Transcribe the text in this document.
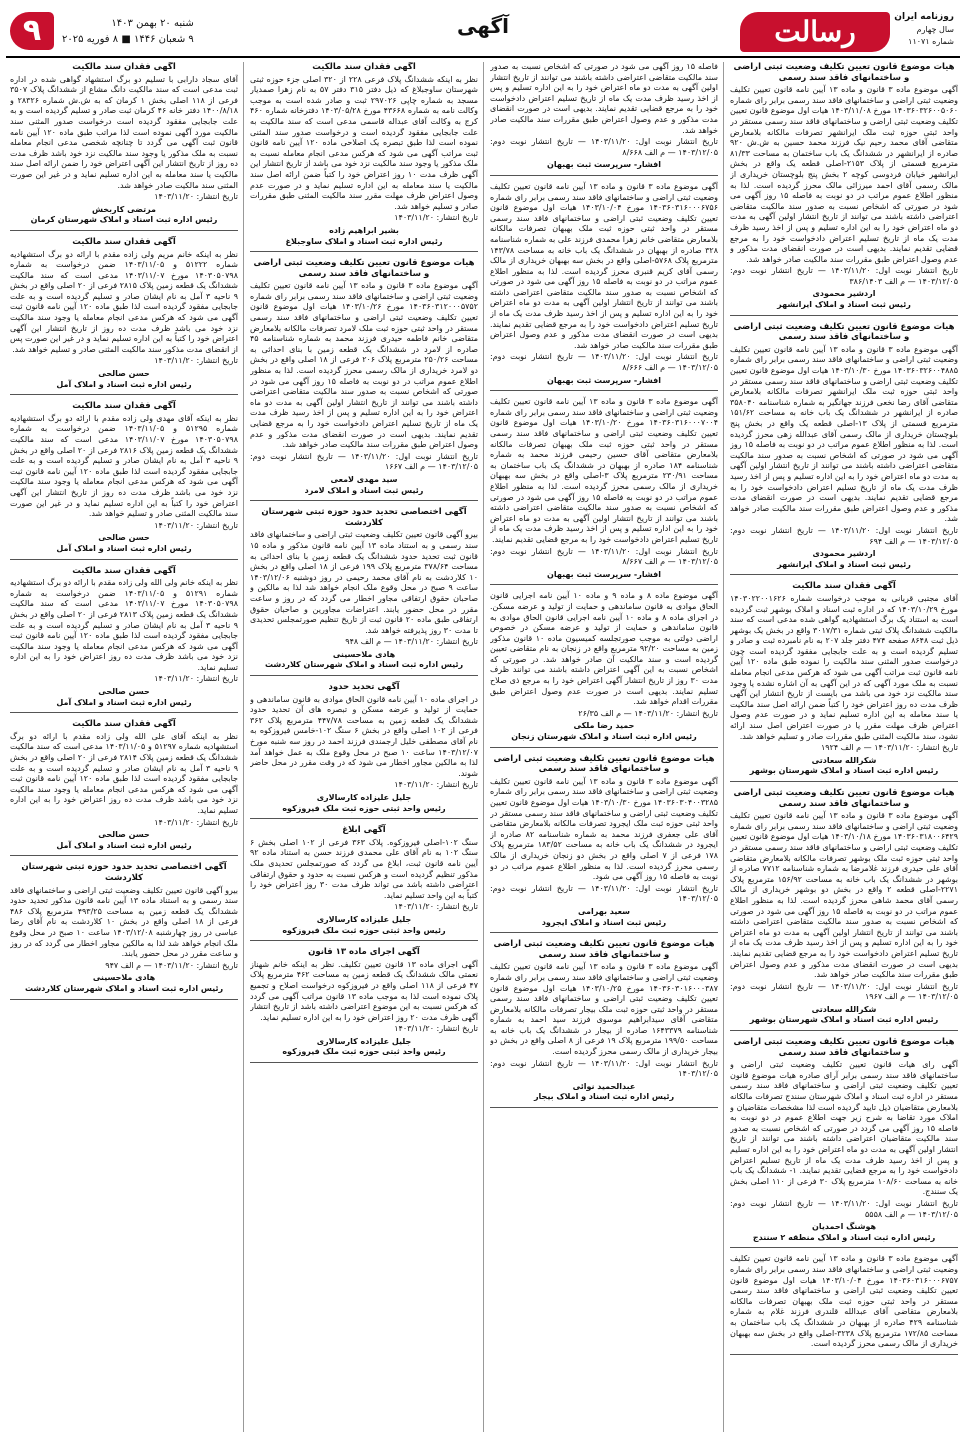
روزنامه ایران
سال چهارم
شماره ۱۱۰۷۱
رسالت
آگهی
شنبه ۲۰ بهمن ۱۴۰۳
۹ شعبان ۱۴۴۶ ■ ۸ فوریه ۲۰۲۵
۹
هیات موضوع قانون تعیین تکلیف وضعیت ثبتی اراضی و ساختمانهای فاقد سند رسمی
آگهی موضوع ماده ۳ قانون و ماده ۱۳ آیین نامه قانون تعیین تکلیف وضعیت ثبتی اراضی و ساختمانهای فاقد سند رسمی برابر رای شماره ۱۴۰۳۶۰۳۲۶۰۰۵۰۶۰ مورخ ۱۴۰۳/۱۱/۰۸ هیات اول موضوع قانون تعیین تکلیف وضعیت ثبتی اراضی و ساختمانهای فاقد سند رسمی مستقر در واحد ثبتی حوزه ثبت ملک ایرانشهر تصرفات مالکانه بلامعارض متقاضی آقای محمد رحیم نیک فرزند محمد حسین به ش.ش ۹۲۰ صادره از ایرانشهر در ششدانگ یک باب ساختمان به مساحت ۸۱/۳۳ مترمربع قسمتی از پلاک ۲۱۵۳-اصلی قطعه یک واقع در بخش ایرانشهر خیابان فردوسی کوچه ۲ بخش پنج بلوچستان خریداری از مالک رسمی آقای احمد میرزائی مالک محرز گردیده است. لذا به منظور اطلاع عموم مراتب در دو نوبت به فاصله ۱۵ روز آگهی می شود در صورتی که اشخاص نسبت به صدور سند مالکیت متقاضی اعتراضی داشته باشند می توانند از تاریخ انتشار اولین آگهی به مدت دو ماه اعتراض خود را به این اداره تسلیم و پس از اخذ رسید ظرف مدت یک ماه از تاریخ تسلیم اعتراض دادخواست خود را به مرجع قضایی تقدیم نمایند. بدیهی است در صورت انقضای مدت مذکور و عدم وصول اعتراض طبق مقررات سند مالکیت صادر خواهد شد.
تاریخ انتشار نوبت اول: ۱۴۰۳/۱۱/۲۰ — تاریخ انتشار نوبت دوم: ۱۴۰۳/۱۲/۰۵ — م الف ۳۸۶/۱۴۰۳
اردشیر محمودی
رئیس ثبت اسناد و املاک ایرانشهر
هیات موضوع قانون تعیین تکلیف وضعیت ثبتی اراضی و ساختمانهای فاقد سند رسمی
آگهی موضوع ماده ۳ قانون و ماده ۱۳ آیین نامه قانون تعیین تکلیف وضعیت ثبتی اراضی و ساختمانهای فاقد سند رسمی برابر رای شماره ۱۴۰۳۶۰۳۲۶۰۰۴۸۸۵ مورخ ۱۴۰۳/۱۰/۳۰ هیات اول موضوع قانون تعیین تکلیف وضعیت ثبتی اراضی و ساختمانهای فاقد سند رسمی مستقر در واحد ثبتی حوزه ثبت ملک ایرانشهر تصرفات مالکانه بلامعارض متقاضی آقای رضا نخعی فرزند جهانگیر به شماره شناسنامه ۳۵۸۰۴۰ صادره از ایرانشهر در ششدانگ یک باب خانه به مساحت ۱۵۱/۶۲ مترمربع قسمتی از پلاک ۱۳-اصلی قطعه یک واقع در بخش پنج بلوچستان خریداری از مالک رسمی آقای عبدالله زهی محرز گردیده است. لذا به منظور اطلاع عموم مراتب در دو نوبت به فاصله ۱۵ روز آگهی می شود در صورتی که اشخاص نسبت به صدور سند مالکیت متقاضی اعتراضی داشته باشند می توانند از تاریخ انتشار اولین آگهی به مدت دو ماه اعتراض خود را به این اداره تسلیم و پس از اخذ رسید ظرف مدت یک ماه از تاریخ تسلیم اعتراض دادخواست خود را به مرجع قضایی تقدیم نمایند. بدیهی است در صورت انقضای مدت مذکور و عدم وصول اعتراض طبق مقررات سند مالکیت صادر خواهد شد.
تاریخ انتشار نوبت اول: ۱۴۰۳/۱۱/۲۰ — تاریخ انتشار نوبت دوم: ۱۴۰۳/۱۲/۰۵ — م الف ۶۹۴
اردشیر محمودی
رئیس ثبت اسناد و املاک ایرانشهر
آگهی فقدان سند مالکیت
آقای مجتبی قربانی به موجب درخواست شماره ۱۴۰۳۰۲۲۰۰۱۶۲۶ مورخ ۱۴۰۳/۱۰/۲۹ که در اداره ثبت اسناد و املاک بوشهر ثبت گردیده است به استناد یک برگ استشهادیه گواهی شده مدعی است که سند مالکیت ششدانگ پلاک ثبتی شماره ۳۰۱۷/۳۱ واقع در بخش یک بوشهر ذیل ثبت ۸۶۴۸ صفحه ۴۷۴ دفتر جلد ۲۰۷ به نام نامبرده ثبت و صادر و تسلیم گردیده است و به علت جابجایی مفقود گردیده است چون درخواست صدور المثنی سند مالکیت را نموده طبق ماده ۱۲۰ آیین نامه قانون ثبت مراتب آگهی می شود که هرکس مدعی انجام معامله نسبت به ملک مورد آگهی که در این آگهی به آن اشاره نشده یا وجود سند مالکیت نزد خود می باشد می بایست از تاریخ انتشار این آگهی ظرف مدت ده روز اعتراض خود را کتباً ضمن ارائه اصل سند مالکیت یا سند معامله به این اداره تسلیم نماید و در صورت عدم وصول اعتراض ظرف مهلت مقرر یا در صورت اعتراض اصل سند ارائه نشود، سند مالکیت المثنی طبق مقررات صادر و تسلیم خواهد شد.
تاریخ انتشار: ۱۴۰۳/۱۱/۲۰ — م الف ۱۹۲۴
شکرالله سعادتی
رئیس اداره ثبت اسناد و املاک شهرستان بوشهر
هیات موضوع قانون تعیین تکلیف وضعیت ثبتی اراضی و ساختمانهای فاقد سند رسمی
آگهی موضوع ماده ۳ قانون و ماده ۱۳ آیین نامه قانون تعیین تکلیف وضعیت ثبتی اراضی و ساختمانهای فاقد سند رسمی برابر رای شماره ۱۴۰۳۶۰۳۱۸۰۰۶۴۲۹ مورخ ۱۴۰۳/۱۰/۱۸ هیات اول موضوع قانون تعیین تکلیف وضعیت ثبتی اراضی و ساختمانهای فاقد سند رسمی مستقر در واحد ثبتی حوزه ثبت ملک بوشهر تصرفات مالکانه بلامعارض متقاضی آقای علی حیدری فرزند غلامرضا به شماره شناسنامه ۷۷۱۲ صادره از بوشهر در ششدانگ یک باب خانه به مساحت ۱۵۶/۹۲ مترمربع پلاک ۲۲۷۱-اصلی قطعه ۲ واقع در بخش دو بوشهر خریداری از مالک رسمی آقای محمد شاهی محرز گردیده است. لذا به منظور اطلاع عموم مراتب در دو نوبت به فاصله ۱۵ روز آگهی می شود در صورتی که اشخاص نسبت به صدور سند مالکیت متقاضی اعتراضی داشته باشند می توانند از تاریخ انتشار اولین آگهی به مدت دو ماه اعتراض خود را به این اداره تسلیم و پس از اخذ رسید ظرف مدت یک ماه از تاریخ تسلیم اعتراض دادخواست خود را به مرجع قضایی تقدیم نمایند. بدیهی است در صورت انقضای مدت مذکور و عدم وصول اعتراض طبق مقررات سند مالکیت صادر خواهد شد.
تاریخ انتشار نوبت اول: ۱۴۰۳/۱۱/۲۰ — تاریخ انتشار نوبت دوم: ۱۴۰۳/۱۲/۰۵ — م الف ۱۹۶۷
شکرالله سعادتی
رئیس اداره ثبت اسناد و املاک شهرستان بوشهر
هیات موضوع قانون تعیین تکلیف وضعیت ثبتی اراضی و ساختمانهای فاقد سند رسمی
آگهی رای هیات قانون تعیین تکلیف وضعیت ثبتی اراضی و ساختمانهای فاقد سند رسمی برابر آرای صادره هیات موضوع قانون تعیین تکلیف وضعیت ثبتی اراضی و ساختمانهای فاقد سند رسمی مستقر در اداره ثبت اسناد و املاک شهرستان سنندج تصرفات مالکانه بلامعارض متقاضیان ذیل تایید گردیده است لذا مشخصات متقاضیان و املاک مورد تقاضا به شرح زیر جهت اطلاع عموم در دو نوبت به فاصله ۱۵ روز آگهی می گردد در صورتی که اشخاص نسبت به صدور سند مالکیت متقاضیان اعتراضی داشته باشند می توانند از تاریخ انتشار اولین آگهی به مدت دو ماه اعتراض خود را به این اداره تسلیم و پس از اخذ رسید ظرف مدت یک ماه از تاریخ تسلیم اعتراض دادخواست خود را به مرجع قضایی تقدیم نمایند. ۱- ششدانگ یک باب خانه به مساحت ۱۰۸/۶۰ مترمربع پلاک ۳۰ فرعی از ۱۱۰ اصلی بخش یک سنندج.
تاریخ انتشار نوبت اول: ۱۴۰۳/۱۱/۲۰ — تاریخ انتشار نوبت دوم: ۱۴۰۳/۱۲/۰۵ — م الف ۵۵۵۸
هوشنگ احمدیان
رئیس اداره ثبت اسناد و املاک منطقه ۲ سنندج
آگهی موضوع ماده ۳ قانون و ماده ۱۳ آیین نامه قانون تعیین تکلیف وضعیت ثبتی اراضی و ساختمانهای فاقد سند رسمی برابر رای شماره ۱۴۰۳۶۰۳۱۶۰۰۰۶۷۵۷ مورخ ۱۴۰۳/۱۰/۰۴ هیات اول موضوع قانون تعیین تکلیف وضعیت ثبتی اراضی و ساختمانهای فاقد سند رسمی مستقر در واحد ثبتی حوزه ثبت ملک بهبهان تصرفات مالکانه بلامعارض متقاضی آقای عبدالله قلندری فرزند غلام به شماره شناسنامه ۴۲۹ صادره از بهبهان در ششدانگ یک باب ساختمان به مساحت ۱۷۲/۸۵ مترمربع پلاک ۳۲۳۸-اصلی واقع در بخش سه بهبهان خریداری از مالک رسمی محرز گردیده است.
فاصله ۱۵ روز آگهی می شود در صورتی که اشخاص نسبت به صدور سند مالکیت متقاضی اعتراضی داشته باشند می توانند از تاریخ انتشار اولین آگهی به مدت دو ماه اعتراض خود را به این اداره تسلیم و پس از اخذ رسید ظرف مدت یک ماه از تاریخ تسلیم اعتراض دادخواست خود را به مرجع قضایی تقدیم نمایند. بدیهی است در صورت انقضای مدت مذکور و عدم وصول اعتراض طبق مقررات سند مالکیت صادر خواهد شد.
تاریخ انتشار نوبت اول: ۱۴۰۳/۱۱/۲۰ — تاریخ انتشار نوبت دوم: ۱۴۰۳/۱۲/۰۵ — م الف ۸/۶۶۸
افشار- سرپرست ثبت بهبهان
آگهی موضوع ماده ۳ قانون و ماده ۱۳ آیین نامه قانون تعیین تکلیف وضعیت ثبتی اراضی و ساختمانهای فاقد سند رسمی برابر رای شماره ۱۴۰۳۶۰۳۱۶۰۰۰۶۷۵۶ مورخ ۱۴۰۳/۱۰/۰۴ هیات اول موضوع قانون تعیین تکلیف وضعیت ثبتی اراضی و ساختمانهای فاقد سند رسمی مستقر در واحد ثبتی حوزه ثبت ملک بهبهان تصرفات مالکانه بلامعارض متقاضی خانم زهرا محمدی فرزند علی به شماره شناسنامه ۳۲۸ صادره از بهبهان در ششدانگ یک باب خانه به مساحت ۱۴۳/۷۸ مترمربع پلاک ۵۷۶۸-اصلی واقع در بخش سه بهبهان خریداری از مالک رسمی آقای کریم قنبری محرز گردیده است. لذا به منظور اطلاع عموم مراتب در دو نوبت به فاصله ۱۵ روز آگهی می شود در صورتی که اشخاص نسبت به صدور سند مالکیت متقاضی اعتراضی داشته باشند می توانند از تاریخ انتشار اولین آگهی به مدت دو ماه اعتراض خود را به این اداره تسلیم و پس از اخذ رسید ظرف مدت یک ماه از تاریخ تسلیم اعتراض دادخواست خود را به مرجع قضایی تقدیم نمایند. بدیهی است در صورت انقضای مدت مذکور و عدم وصول اعتراض طبق مقررات سند مالکیت صادر خواهد شد.
تاریخ انتشار نوبت اول: ۱۴۰۳/۱۱/۲۰ — تاریخ انتشار نوبت دوم: ۱۴۰۳/۱۲/۰۵ — م الف ۸/۶۶۶
افشار- سرپرست ثبت بهبهان
آگهی موضوع ماده ۳ قانون و ماده ۱۳ آیین نامه قانون تعیین تکلیف وضعیت ثبتی اراضی و ساختمانهای فاقد سند رسمی برابر رای شماره ۱۴۰۳۶۰۳۱۶۰۰۰۷۰۰۴ مورخ ۱۴۰۳/۱۰/۲۰ هیات اول موضوع قانون تعیین تکلیف وضعیت ثبتی اراضی و ساختمانهای فاقد سند رسمی مستقر در واحد ثبتی حوزه ثبت ملک بهبهان تصرفات مالکانه بلامعارض متقاضی آقای حسین رحیمی فرزند محمد به شماره شناسنامه ۱۸۴ صادره از بهبهان در ششدانگ یک باب ساختمان به مساحت ۲۳۰/۹۱ مترمربع پلاک ۳-اصلی واقع در بخش سه بهبهان خریداری از مالک رسمی محرز گردیده است. لذا به منظور اطلاع عموم مراتب در دو نوبت به فاصله ۱۵ روز آگهی می شود در صورتی که اشخاص نسبت به صدور سند مالکیت متقاضی اعتراضی داشته باشند می توانند از تاریخ انتشار اولین آگهی به مدت دو ماه اعتراض خود را به این اداره تسلیم و پس از اخذ رسید ظرف مدت یک ماه از تاریخ تسلیم اعتراض دادخواست خود را به مرجع قضایی تقدیم نمایند.
تاریخ انتشار نوبت اول: ۱۴۰۳/۱۱/۲۰ — تاریخ انتشار نوبت دوم: ۱۴۰۳/۱۲/۰۵ — م الف ۸/۶۶۷
افشار- سرپرست ثبت بهبهان
آگهی موضوع ماده ۸ و ماده ۹ و ماده ۱۰ آیین نامه اجرایی قانون الحاق موادی به قانون ساماندهی و حمایت از تولید و عرضه مسکن. در اجرای ماده ۸ و ماده ۱۰ آیین نامه اجرایی قانون الحاق موادی به قانون ساماندهی و حمایت از تولید و عرضه مسکن در خصوص اراضی دولتی به موجب صورتجلسه کمیسیون ماده ۱۰ قانون مذکور زمین به مساحت ۹۲/۲۰ مترمربع واقع در زنجان به نام متقاضی تعیین گردیده است و سند مالکیت آن صادر خواهد شد. در صورتی که اشخاص نسبت به این آگهی اعتراض داشته باشند می توانند ظرف مدت ۳۰ روز از تاریخ انتشار آگهی اعتراض خود را به مرجع ذی صلاح تسلیم نمایند. بدیهی است در صورت عدم وصول اعتراض طبق مقررات اقدام خواهد شد.
تاریخ انتشار: ۱۴۰۳/۱۱/۲۰ — م الف ۲۶/۳۵
حمید رضا ملکی
رئیس اداره ثبت اسناد و املاک شهرستان زنجان
هیات موضوع قانون تعیین تکلیف وضعیت ثبتی اراضی و ساختمانهای فاقد سند رسمی
آگهی موضوع ماده ۳ قانون و ماده ۱۳ آیین نامه قانون تعیین تکلیف وضعیت ثبتی اراضی و ساختمانهای فاقد سند رسمی برابر رای شماره ۱۴۰۳۶۰۳۰۴۰۰۳۲۸۵ مورخ ۱۴۰۳/۱۰/۳۰ هیات اول موضوع قانون تعیین تکلیف وضعیت ثبتی اراضی و ساختمانهای فاقد سند رسمی مستقر در واحد ثبتی حوزه ثبت ملک ایجرود تصرفات مالکانه بلامعارض متقاضی آقای علی جعفری فرزند محمد به شماره شناسنامه ۸۲ صادره از ایجرود در ششدانگ یک باب خانه به مساحت ۱۸۳/۵۲ مترمربع پلاک ۱۷۸ فرعی از ۷ اصلی واقع در بخش دو زنجان خریداری از مالک رسمی محرز گردیده است. لذا به منظور اطلاع عموم مراتب در دو نوبت به فاصله ۱۵ روز آگهی می شود.
تاریخ انتشار نوبت اول: ۱۴۰۳/۱۱/۲۰ — تاریخ انتشار نوبت دوم: ۱۴۰۳/۱۲/۰۵
سعید بهرامی
رئیس ثبت اسناد و املاک ایجرود
هیات موضوع قانون تعیین تکلیف وضعیت ثبتی اراضی و ساختمانهای فاقد سند رسمی
آگهی موضوع ماده ۳ قانون و ماده ۱۳ آیین نامه قانون تعیین تکلیف وضعیت ثبتی اراضی و ساختمانهای فاقد سند رسمی برابر رای شماره ۱۴۰۳۶۰۳۰۱۶۰۰۰۳۸۷ مورخ ۱۴۰۳/۱۰/۲۵ هیات اول موضوع قانون تعیین تکلیف وضعیت ثبتی اراضی و ساختمانهای فاقد سند رسمی مستقر در واحد ثبتی حوزه ثبت ملک بیجار تصرفات مالکانه بلامعارض متقاضی آقای سیدابراهیم موسوی فرزند سید احمد به شماره شناسنامه ۱۶۴۳۳۷۹ صادره از بیجار در ششدانگ یک باب خانه به مساحت ۱۹۹/۵۰ مترمربع پلاک ۱۹ فرعی از ۸ اصلی واقع در بخش دو بیجار خریداری از مالک رسمی محرز گردیده است.
تاریخ انتشار نوبت اول: ۱۴۰۳/۱۱/۲۰ — تاریخ انتشار نوبت دوم: ۱۴۰۳/۱۲/۰۵
عبدالحمید نوائی
رئیس اداره ثبت اسناد و املاک بیجار
آگهی فقدان سند مالکیت
نظر به اینکه ششدانگ پلاک فرعی ۲۲۸ از ۳۲۰ اصلی جزء حوزه ثبتی شهرستان ساوجبلاغ که ذیل دفتر ۳۱۵ دفتر ۵۷ به نام زهرا صمدیار مسجد به شماره چاپی ۲۹۷۰۲۶ ثبت و صادر شده است به موجب وکالت نامه به شماره ۴۳۶۶۸ مورخ ۱۴۰۳/۰۵/۲۸ دفترخانه شماره ۴۶۰ کرج به وکالت آقای عبداله قاسمی مدعی است که سند مالکیت به علت جابجایی مفقود گردیده است و درخواست صدور سند المثنی نموده است لذا طبق تبصره یک اصلاحی ماده ۱۲۰ آیین نامه قانون ثبت مراتب آگهی می شود که هرکس مدعی انجام معامله نسبت به ملک مذکور یا وجود سند مالکیت نزد خود می باشد از تاریخ انتشار این آگهی ظرف مدت ۱۰ روز اعتراض خود را کتباً ضمن ارائه اصل سند مالکیت یا سند معامله به این اداره تسلیم نماید و در صورت عدم وصول اعتراض ظرف مهلت مقرر سند مالکیت المثنی طبق مقررات صادر و تسلیم خواهد شد.
تاریخ انتشار: ۱۴۰۳/۱۱/۲۰
بشیر ابراهیم زاده
رئیس اداره ثبت اسناد و املاک ساوجبلاغ
هیات موضوع قانون تعیین تکلیف وضعیت ثبتی اراضی و ساختمانهای فاقد سند رسمی
آگهی موضوع ماده ۳ قانون و ماده ۱۳ آیین نامه قانون تعیین تکلیف وضعیت ثبتی اراضی و ساختمانهای فاقد سند رسمی برابر رای شماره ۱۴۰۳۶۰۳۱۲۰۰۰۵۷۵۲ مورخ ۱۴۰۳/۱۰/۲۶ هیات اول موضوع قانون تعیین تکلیف وضعیت ثبتی اراضی و ساختمانهای فاقد سند رسمی مستقر در واحد ثبتی حوزه ثبت ملک لامرد تصرفات مالکانه بلامعارض متقاضی خانم فاطمه حیدری فرزند محمد به شماره شناسنامه ۴۵ صادره از لامرد در ششدانگ یک قطعه زمین با بنای احداثی به مساحت ۲۵۰/۲۶ مترمربع پلاک ۲۰۶ فرعی از ۱۸ اصلی واقع در بخش دو لامرد خریداری از مالک رسمی محرز گردیده است. لذا به منظور اطلاع عموم مراتب در دو نوبت به فاصله ۱۵ روز آگهی می شود در صورتی که اشخاص نسبت به صدور سند مالکیت متقاضی اعتراضی داشته باشند می توانند از تاریخ انتشار اولین آگهی به مدت دو ماه اعتراض خود را به این اداره تسلیم و پس از اخذ رسید ظرف مدت یک ماه از تاریخ تسلیم اعتراض دادخواست خود را به مرجع قضایی تقدیم نمایند. بدیهی است در صورت انقضای مدت مذکور و عدم وصول اعتراض طبق مقررات سند مالکیت صادر خواهد شد.
تاریخ انتشار نوبت اول: ۱۴۰۳/۱۱/۲۰ — تاریخ انتشار نوبت دوم: ۱۴۰۳/۱۲/۰۵ — م الف ۱۶۶۷
سید مهدی لامعی
رئیس ثبت اسناد و املاک لامرد
آگهی اختصاصی تحدید حدود حوزه ثبتی شهرستان کلاردشت
بیرو آگهی قانون تعیین تکلیف وضعیت ثبتی اراضی و ساختمانهای فاقد سند رسمی و به استناد ماده ۱۳ آیین نامه قانون مذکور و ماده ۱۵ قانون ثبت تحدید حدود ششدانگ یک قطعه زمین با بنای احداثی به مساحت ۳۷۸/۶۴ مترمربع پلاک ۱۹۹ فرعی از ۱۸ اصلی واقع در بخش ۱۰ کلاردشت به نام آقای محمد رحیمی در روز دوشنبه ۱۴۰۳/۱۲/۰۶ ساعت ۹ صبح در محل وقوع ملک انجام خواهد شد لذا به مالکین و صاحبان حقوق ارتفاقی مجاور اخطار می گردد که در روز و ساعت مقرر در محل حضور یابند. اعتراضات مجاورین و صاحبان حقوق ارتفاقی طبق ماده ۲۰ قانون ثبت از تاریخ تنظیم صورتمجلس تحدیدی تا مدت ۳۰ روز پذیرفته خواهد شد.
تاریخ انتشار: ۱۴۰۳/۱۱/۲۰ — م الف ۹۴۸
هادی ملاحسینی
رئیس اداره ثبت اسناد و املاک شهرستان کلاردشت
آگهی تحدید حدود
در اجرای ماده ۱۰ آیین نامه قانون الحاق موادی به قانون ساماندهی و حمایت از تولید و عرضه مسکن و تبصره های آن تحدید حدود ششدانگ یک قطعه زمین به مساحت ۴۴۷/۷۸ مترمربع پلاک ۳۶۲ فرعی از ۱۰۲ اصلی واقع در بخش ۶ سنگ ۱۰۲-خامس فیروزکوه به نام آقای مصطفی خلیل ارجمندی فرزند احمد در روز سه شنبه مورخ ۱۴۰۳/۱۲/۰۷ ساعت ۱۰ صبح در محل وقوع ملک به عمل خواهد آمد لذا به مالکین مجاور اخطار می شود که در وقت مقرر در محل حاضر شوند.
تاریخ انتشار: ۱۴۰۳/۱۱/۲۰
جلیل علیزاده کارسالاری
رئیس واحد ثبتی حوزه ثبت ملک فیروزکوه
آگهی ابلاغ
سنگ ۱۰۲-اصلی فیروزکوه. پلاک ۳۶۳ فرعی از ۱۰۲ اصلی بخش ۶ سنگ ۱۰۲ به نام آقای علی محمدی فرزند حسن به استناد ماده ۹۲ آیین نامه قانون ثبت، ابلاغ می گردد که صورتمجلس تحدیدی ملک مذکور تنظیم گردیده است و هرکس نسبت به حدود و حقوق ارتفاقی اعتراضی داشته باشد می تواند ظرف مدت ۳۰ روز اعتراض خود را کتباً به این واحد تسلیم نماید.
تاریخ انتشار: ۱۴۰۳/۱۱/۲۰
جلیل علیزاده کارسالاری
رئیس واحد ثبتی حوزه ثبت ملک فیروزکوه
آگهی اجرای ماده ۱۳ قانون
آگهی اجرای ماده ۱۳ قانون تعیین تکلیف. نظر به اینکه خانم شهناز نعمتی مالک ششدانگ یک قطعه زمین به مساحت ۴۶۲ مترمربع پلاک ۴۷ فرعی از ۱۱۸ اصلی واقع در فیروزکوه درخواست اصلاح و تجمیع پلاک نموده است لذا به موجب ماده ۱۳ قانون مراتب آگهی می گردد که هرکس نسبت به این موضوع اعتراضی داشته باشد از تاریخ انتشار آگهی ظرف مدت ۲۰ روز اعتراض خود را به این اداره تسلیم نماید.
تاریخ انتشار: ۱۴۰۳/۱۱/۲۰
جلیل علیزاده کارسالاری
رئیس واحد ثبتی حوزه ثبت ملک فیروزکوه
آگهی فقدان سند مالکیت
آقای سجاد دارابی با تسلیم دو برگ استشهاد گواهی شده در اداره ثبت مدعی است که سند مالکیت دانگ مشاع از ششدانگ پلاک ۳۵۰۷ فرعی از ۱۱۸ اصلی بخش ۱ کرمان که به ش.ش شماره ۲۸۳۲۶ و ۱۴۰۰/۸/۱۸ دفتر خانه ۴۶ کرمان ثبت صادر و تسلیم گردیده است و به علت جابجایی مفقود گردیده است درخواست صدور المثنی سند مالکیت مورد آگهی نموده است لذا مراتب طبق ماده ۱۲۰ آیین نامه قانون ثبت آگهی می گردد تا چنانچه شخصی مدعی انجام معامله نسبت به ملک مذکور یا وجود سند مالکیت نزد خود باشد ظرف مدت ده روز از تاریخ انتشار این آگهی اعتراض خود را ضمن ارائه اصل سند مالکیت یا سند معامله به این اداره تسلیم نماید و در غیر این صورت المثنی سند مالکیت صادر خواهد شد.
تاریخ انتشار: ۱۴۰۳/۱۱/۲۰
مرتضی کاربخش
رئیس اداره ثبت اسناد و املاک شهرستان کرمان
آگهی فقدان سند مالکیت
نظر به اینکه خانم مریم ولی زاده مقدم با ارائه دو برگ استشهادیه شماره ۵۱۲۲۲ و ۱۴۰۳/۱۱/۰۵ ضمن درخواست به شماره ۱۴۰۳۰۵۰۷۹۸ مورخ ۱۴۰۳/۱۱/۰۷ مدعی است که سند مالکیت ششدانگ یک قطعه زمین پلاک ۲۸۱۵ فرعی از ۲۰ اصلی واقع در بخش ۹ ناحیه ۳ آمل به نام ایشان صادر و تسلیم گردیده است و به علت جابجایی مفقود گردیده است لذا طبق ماده ۱۲۰ آیین نامه قانون ثبت آگهی می شود که هرکس مدعی انجام معامله یا وجود سند مالکیت نزد خود می باشد ظرف مدت ده روز از تاریخ انتشار این آگهی اعتراض خود را کتباً به این اداره تسلیم نماید و در غیر این صورت پس از انقضای مدت مذکور سند مالکیت المثنی صادر و تسلیم خواهد شد.
تاریخ انتشار: ۱۴۰۳/۱۱/۲۰
حسن صالحی
رئیس اداره ثبت اسناد و املاک آمل
آگهی فقدان سند مالکیت
نظر به اینکه آقای مهدی ولی زاده مقدم با ارائه دو برگ استشهادیه شماره ۵۱۲۹۵ و ۱۴۰۳/۱۱/۰۵ ضمن درخواست به شماره ۱۴۰۳۰۵۰۷۹۸ مورخ ۱۴۰۳/۱۱/۰۷ مدعی است که سند مالکیت ششدانگ یک قطعه زمین پلاک ۲۸۱۶ فرعی از ۲۰ اصلی واقع در بخش ۹ ناحیه ۳ آمل به نام ایشان صادر و تسلیم گردیده است و به علت جابجایی مفقود گردیده است لذا طبق ماده ۱۲۰ آیین نامه قانون ثبت آگهی می شود که هرکس مدعی انجام معامله یا وجود سند مالکیت نزد خود می باشد ظرف مدت ده روز از تاریخ انتشار این آگهی اعتراض خود را کتباً به این اداره تسلیم نماید و در غیر این صورت سند مالکیت المثنی صادر و تسلیم خواهد شد.
تاریخ انتشار: ۱۴۰۳/۱۱/۲۰
حسن صالحی
رئیس اداره ثبت اسناد و املاک آمل
آگهی فقدان سند مالکیت
نظر به اینکه خانم ولی الله ولی زاده مقدم با ارائه دو برگ استشهادیه شماره ۵۱۲۹۱ و ۱۴۰۳/۱۱/۰۵ ضمن درخواست به شماره ۱۴۰۳۰۵۰۷۹۸ مورخ ۱۴۰۳/۱۱/۰۷ مدعی است که سند مالکیت ششدانگ یک قطعه زمین پلاک ۲۸۱۳ فرعی از ۲۰ اصلی واقع در بخش ۹ ناحیه ۳ آمل به نام ایشان صادر و تسلیم گردیده است و به علت جابجایی مفقود گردیده است لذا طبق ماده ۱۲۰ آیین نامه قانون ثبت آگهی می شود که هرکس مدعی انجام معامله یا وجود سند مالکیت نزد خود می باشد ظرف مدت ده روز اعتراض خود را به این اداره تسلیم نماید.
تاریخ انتشار: ۱۴۰۳/۱۱/۲۰
حسن صالحی
رئیس اداره ثبت اسناد و املاک آمل
آگهی فقدان سند مالکیت
نظر به اینکه آقای علی الله ولی زاده مقدم با ارائه دو برگ استشهادیه شماره ۵۱۲۹۷ و ۱۴۰۳/۱۱/۰۵ مدعی است که سند مالکیت ششدانگ یک قطعه زمین پلاک ۲۸۱۴ فرعی از ۲۰ اصلی واقع در بخش ۹ ناحیه ۳ آمل به نام ایشان صادر و تسلیم گردیده است و به علت جابجایی مفقود گردیده است لذا طبق ماده ۱۲۰ آیین نامه قانون ثبت آگهی می شود که هرکس مدعی انجام معامله یا وجود سند مالکیت نزد خود می باشد ظرف مدت ده روز اعتراض خود را به این اداره تسلیم نماید.
تاریخ انتشار: ۱۴۰۳/۱۱/۲۰
حسن صالحی
رئیس اداره ثبت اسناد و املاک آمل
آگهی اختصاصی تحدید حدود حوزه ثبتی شهرستان کلاردشت
بیرو آگهی قانون تعیین تکلیف وضعیت ثبتی اراضی و ساختمانهای فاقد سند رسمی و به استناد ماده ۱۳ آیین نامه قانون مذکور تحدید حدود ششدانگ یک قطعه زمین به مساحت ۴۹۳/۲۵ مترمربع پلاک ۴۸۶ فرعی از ۱۸ اصلی واقع در بخش ۱۰ کلاردشت به نام آقای رضا عباسی در روز چهارشنبه ۱۴۰۳/۱۲/۰۸ ساعت ۱۰ صبح در محل وقوع ملک انجام خواهد شد لذا به مالکین مجاور اخطار می گردد که در روز و ساعت مقرر در محل حضور یابند.
تاریخ انتشار: ۱۴۰۳/۱۱/۲۰ — م الف ۹۴۷
هادی ملاحسینی
رئیس اداره ثبت اسناد و املاک شهرستان کلاردشت
